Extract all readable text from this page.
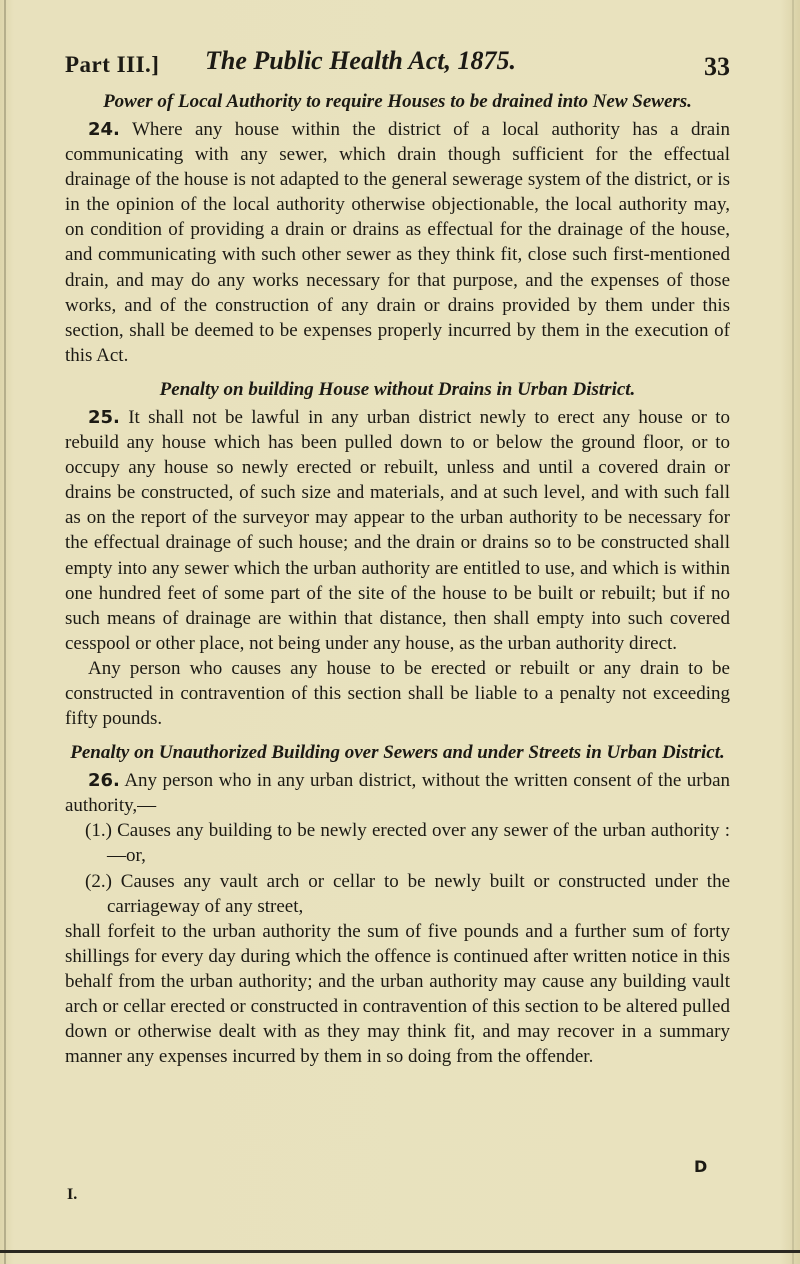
Part III.] The Public Health Act, 1875.	33

Power of Local Authority to require Houses to be drained into New Sewers.

24. Where any house within the district of a local authority has a drain communicating with any sewer, which drain though sufficient for the effectual drainage of the house is not adapted to the general sewerage system of the district, or is in the opinion of the local authority otherwise objectionable, the local authority may, on condition of providing a drain or drains as effectual for the drainage of the house, and communicating with such other sewer as they think fit, close such first-mentioned drain, and may do any works necessary for that purpose, and the expenses of those works, and of the construction of any drain or drains provided by them under this section, shall be deemed to be expenses properly incurred by them in the execution of this Act.

Penalty on building House without Drains in Urban District.

25. It shall not be lawful in any urban district newly to erect any house or to rebuild any house which has been pulled down to or below the ground floor, or to occupy any house so newly erected or rebuilt, unless and until a covered drain or drains be constructed, of such size and materials, and at such level, and with such fall as on the report of the surveyor may appear to the urban authority to be necessary for the effectual drainage of such house; and the drain or drains so to be constructed shall empty into any sewer which the urban authority are entitled to use, and which is within one hundred feet of some part of the site of the house to be built or rebuilt; but if no such means of drainage are within that distance, then shall empty into such covered cesspool or other place, not being under any house, as the urban authority direct.

Any person who causes any house to be erected or rebuilt or any drain to be constructed in contravention of this section shall be liable to a penalty not exceeding fifty pounds.

Penalty on Unauthorized Building over Sewers and under Streets in Urban District.

26. Any person who in any urban district, without the written consent of the urban authority,—

(1.) Causes any building to be newly erected over any sewer of the urban authority :—or,

(2.) Causes any vault arch or cellar to be newly built or constructed under the carriageway of any street,

shall forfeit to the urban authority the sum of five pounds and a further sum of forty shillings for every day during which the offence is continued after written notice in this behalf from the urban authority; and the urban authority may cause any building vault arch or cellar erected or constructed in contravention of this section to be altered pulled down or otherwise dealt with as they may think fit, and may recover in a summary manner any expenses incurred by them in so doing from the offender.

D
I.
